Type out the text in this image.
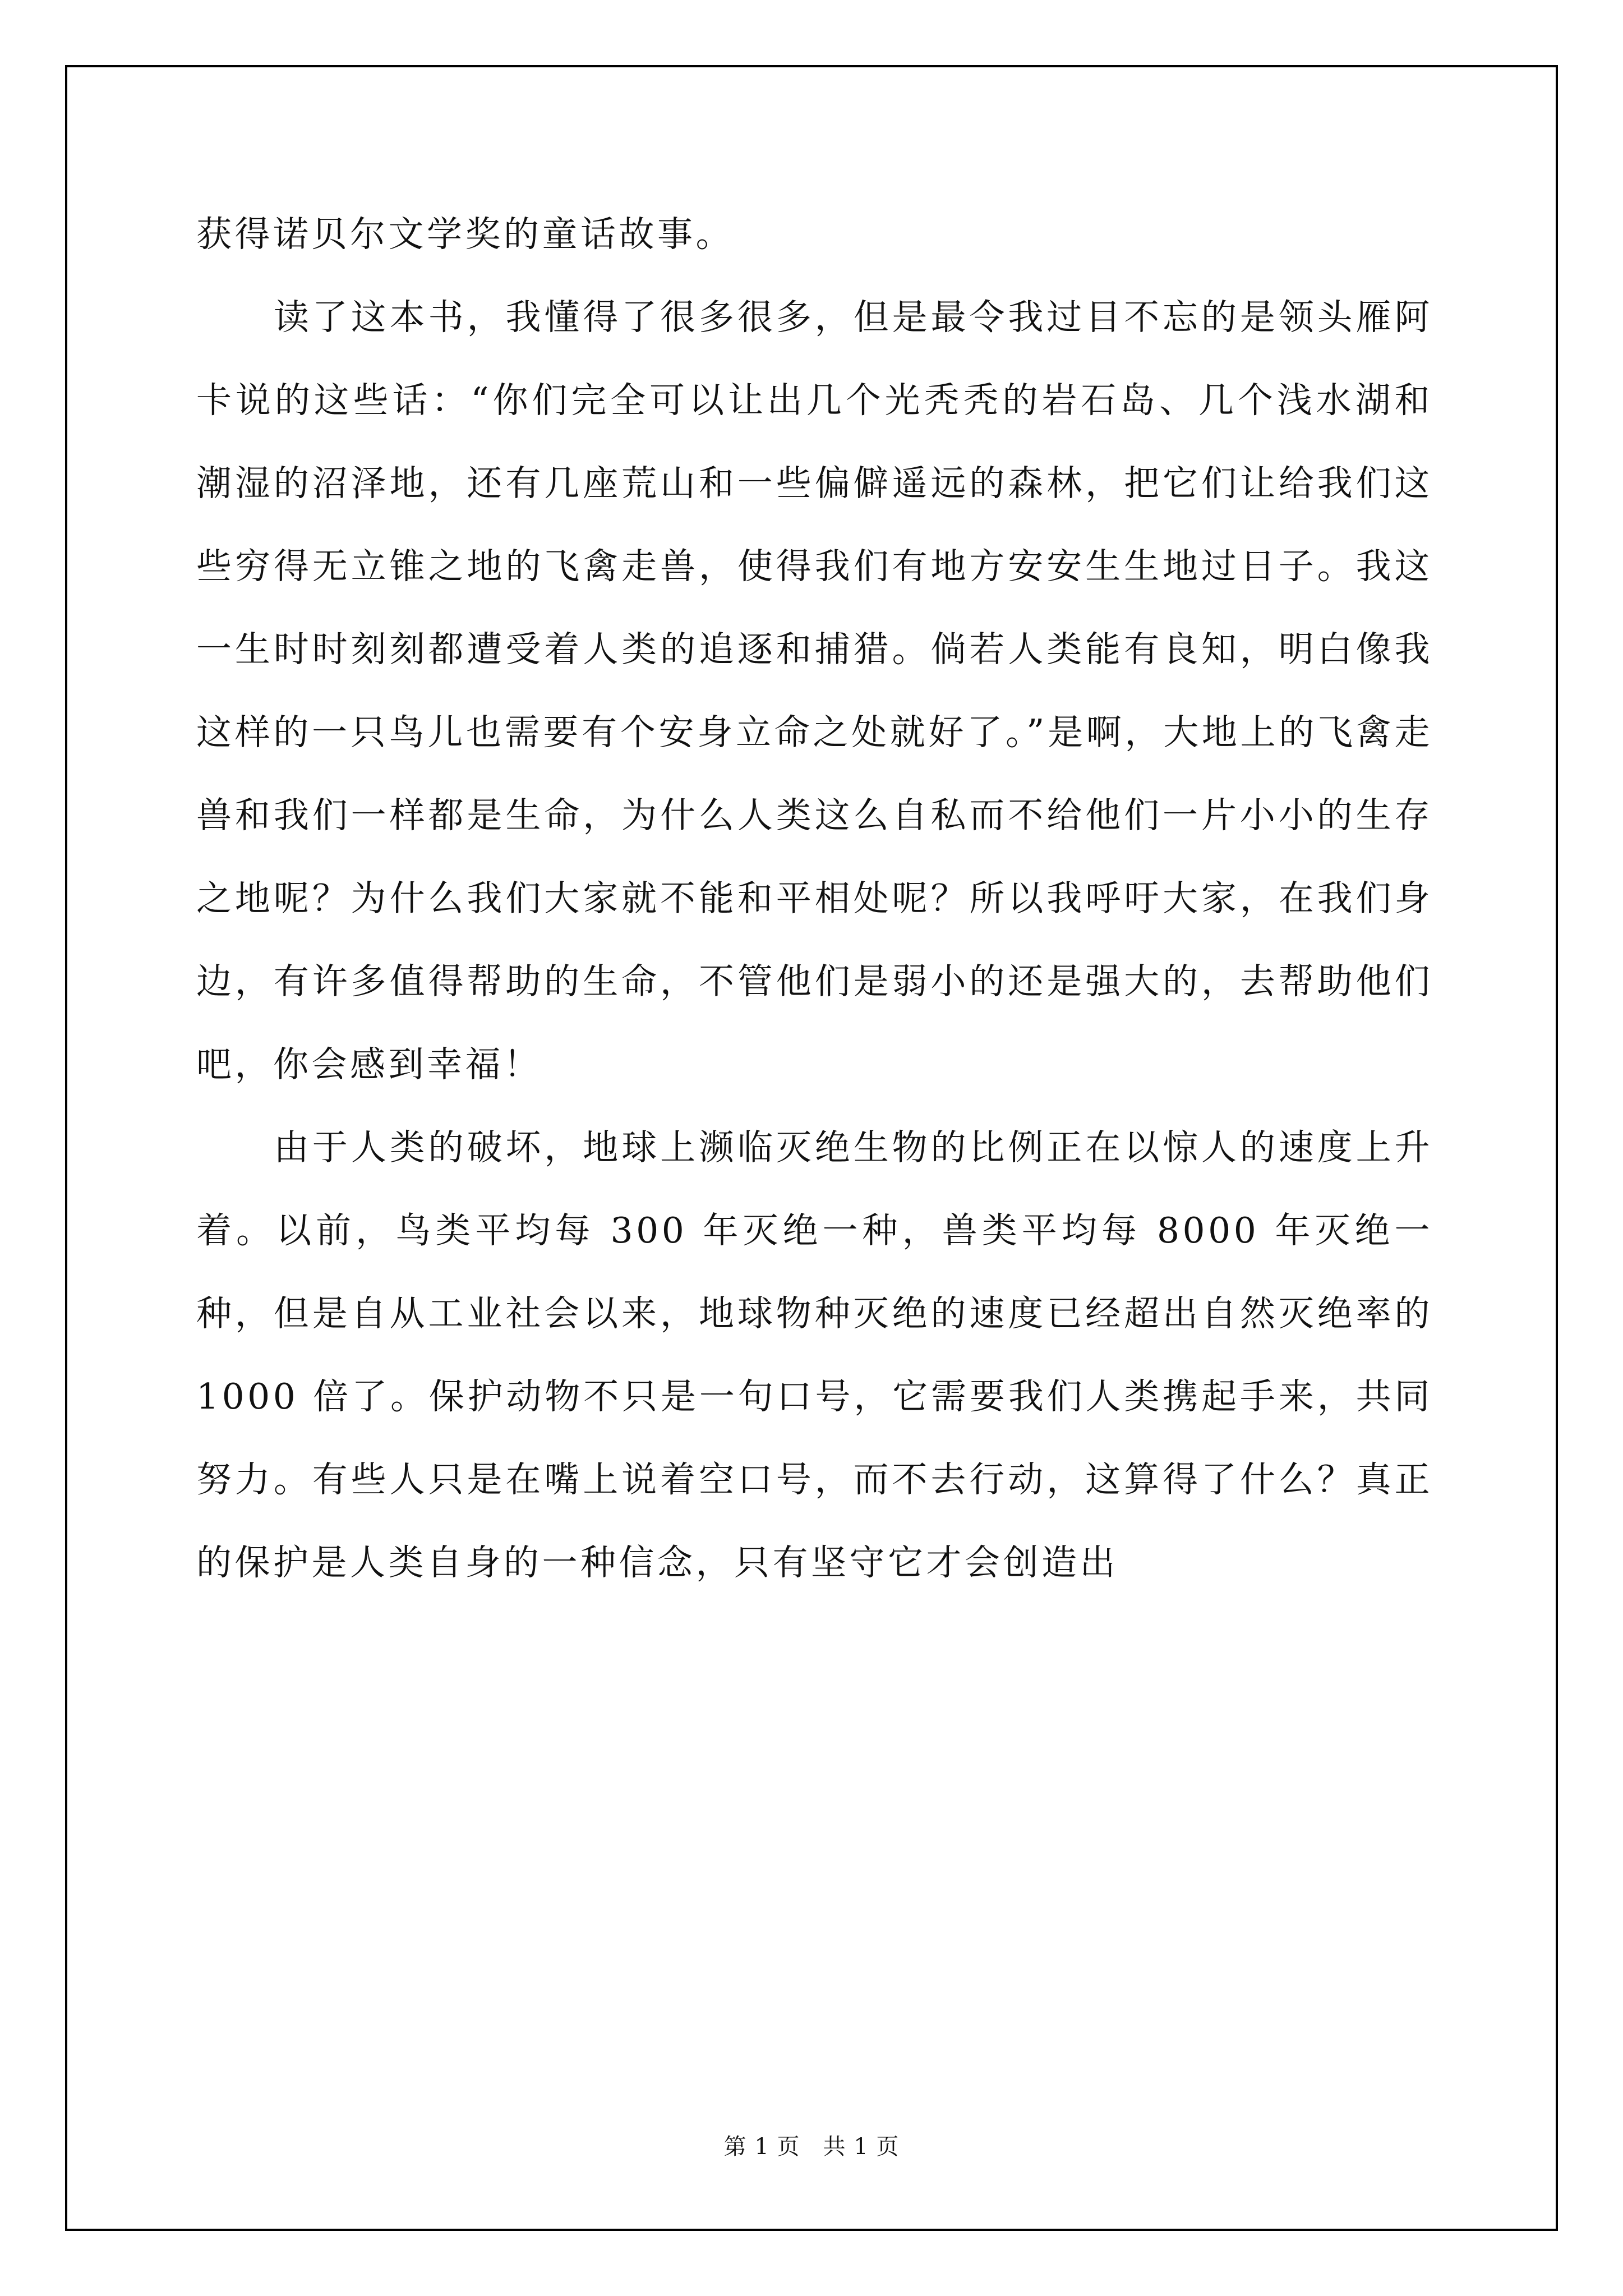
获得诺贝尔文学奖的童话故事。

读了这本书，我懂得了很多很多，但是最令我过目不忘的是领头雁阿卡说的这些话：“你们完全可以让出几个光秃秃的岩石岛、几个浅水湖和潮湿的沼泽地，还有几座荒山和一些偏僻遥远的森林，把它们让给我们这些穷得无立锥之地的飞禽走兽，使得我们有地方安安生生地过日子。我这一生时时刻刻都遭受着人类的追逐和捕猎。倘若人类能有良知，明白像我这样的一只鸟儿也需要有个安身立命之处就好了。”是啊，大地上的飞禽走兽和我们一样都是生命，为什么人类这么自私而不给他们一片小小的生存之地呢？为什么我们大家就不能和平相处呢？所以我呼吁大家，在我们身边，有许多值得帮助的生命，不管他们是弱小的还是强大的，去帮助他们吧，你会感到幸福！

由于人类的破坏，地球上濒临灭绝生物的比例正在以惊人的速度上升着。以前，鸟类平均每 300 年灭绝一种，兽类平均每 8000 年灭绝一种，但是自从工业社会以来，地球物种灭绝的速度已经超出自然灭绝率的 1000 倍了。保护动物不只是一句口号，它需要我们人类携起手来，共同努力。有些人只是在嘴上说着空口号，而不去行动，这算得了什么？真正的保护是人类自身的一种信念，只有坚守它才会创造出

第 1 页　共 1 页
